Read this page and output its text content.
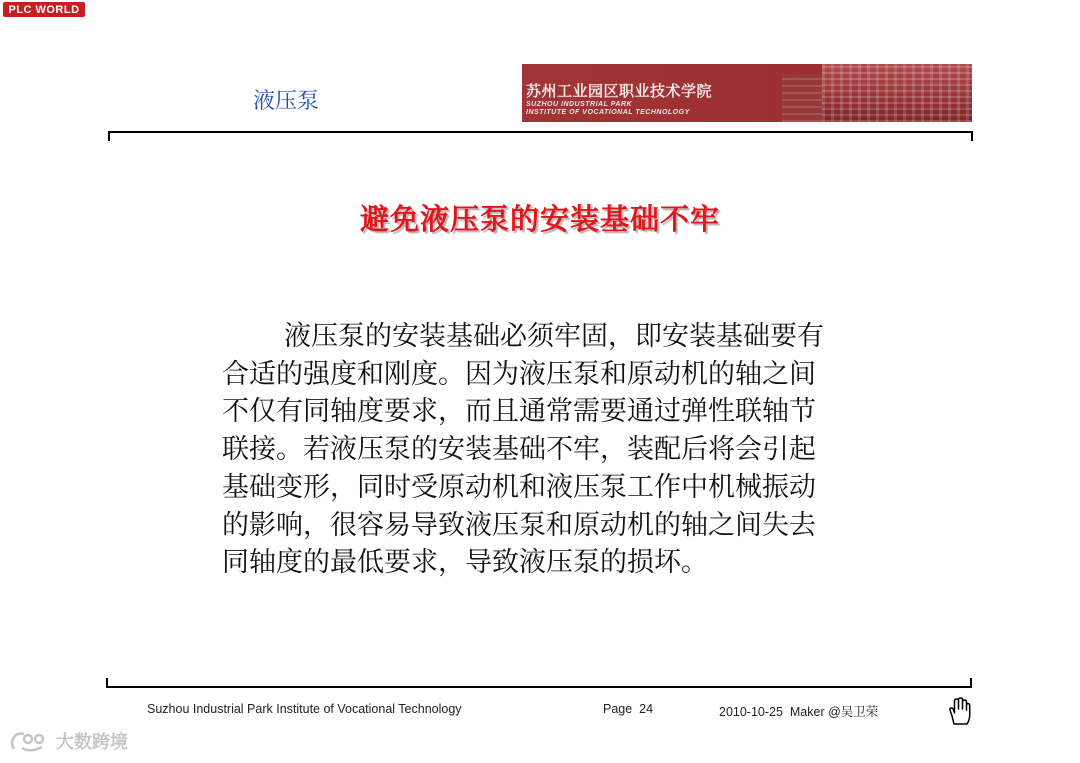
PLC WORLD
液压泵	苏州工业园区职业技术学院
SUZHOU INDUSTRIAL PARK
INSTITUTE OF VOCATIONAL TECHNOLOGY
避免液压泵的安装基础不牢
液压泵的安装基础必须牢固，即安装基础要有
合适的强度和刚度。因为液压泵和原动机的轴之间
不仅有同轴度要求，而且通常需要通过弹性联轴节
联接。若液压泵的安装基础不牢，装配后将会引起
基础变形，同时受原动机和液压泵工作中机械振动
的影响，很容易导致液压泵和原动机的轴之间失去
同轴度的最低要求，导致液压泵的损坏。
Suzhou Industrial Park Institute of Vocational Technology	Page  24	2010-10-25  Maker @吴卫荣
大数跨境
